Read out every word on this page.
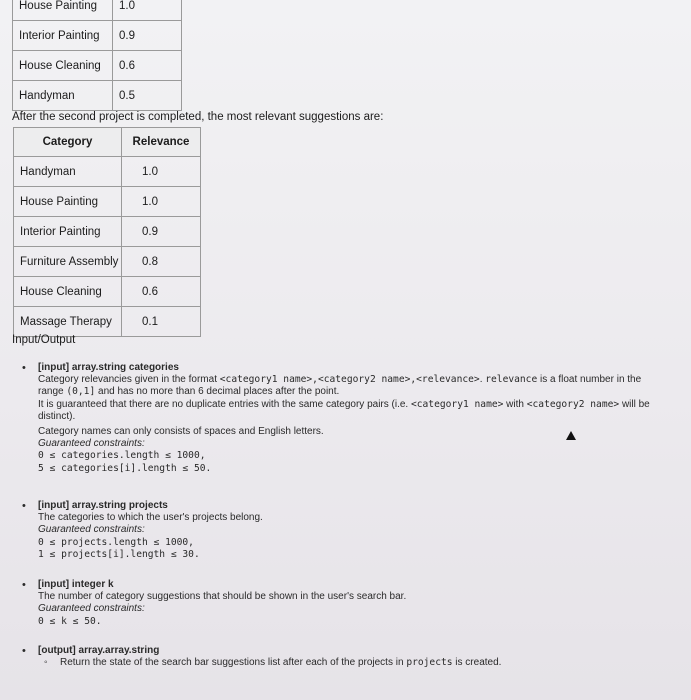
House Painting	1.0
Interior Painting	0.9
House Cleaning	0.6
Handyman	0.5
After the second project is completed, the most relevant suggestions are:
Category	Relevance
Handyman	1.0
House Painting	1.0
Interior Painting	0.9
Furniture Assembly	0.8
House Cleaning	0.6
Massage Therapy	0.1
Input/Output
• [input] array.string categories
Category relevancies given in the format <category1 name>,<category2 name>,<relevance>. relevance is a float number in the
range (0,1] and has no more than 6 decimal places after the point.
It is guaranteed that there are no duplicate entries with the same category pairs (i.e. <category1 name> with <category2 name> will be
distinct).
Category names can only consists of spaces and English letters.
Guaranteed constraints:
0 ≤ categories.length ≤ 1000,
5 ≤ categories[i].length ≤ 50.
• [input] array.string projects
The categories to which the user's projects belong.
Guaranteed constraints:
0 ≤ projects.length ≤ 1000,
1 ≤ projects[i].length ≤ 30.
• [input] integer k
The number of category suggestions that should be shown in the user's search bar.
Guaranteed constraints:
0 ≤ k ≤ 50.
• [output] array.array.string
◦ Return the state of the search bar suggestions list after each of the projects in projects is created.
